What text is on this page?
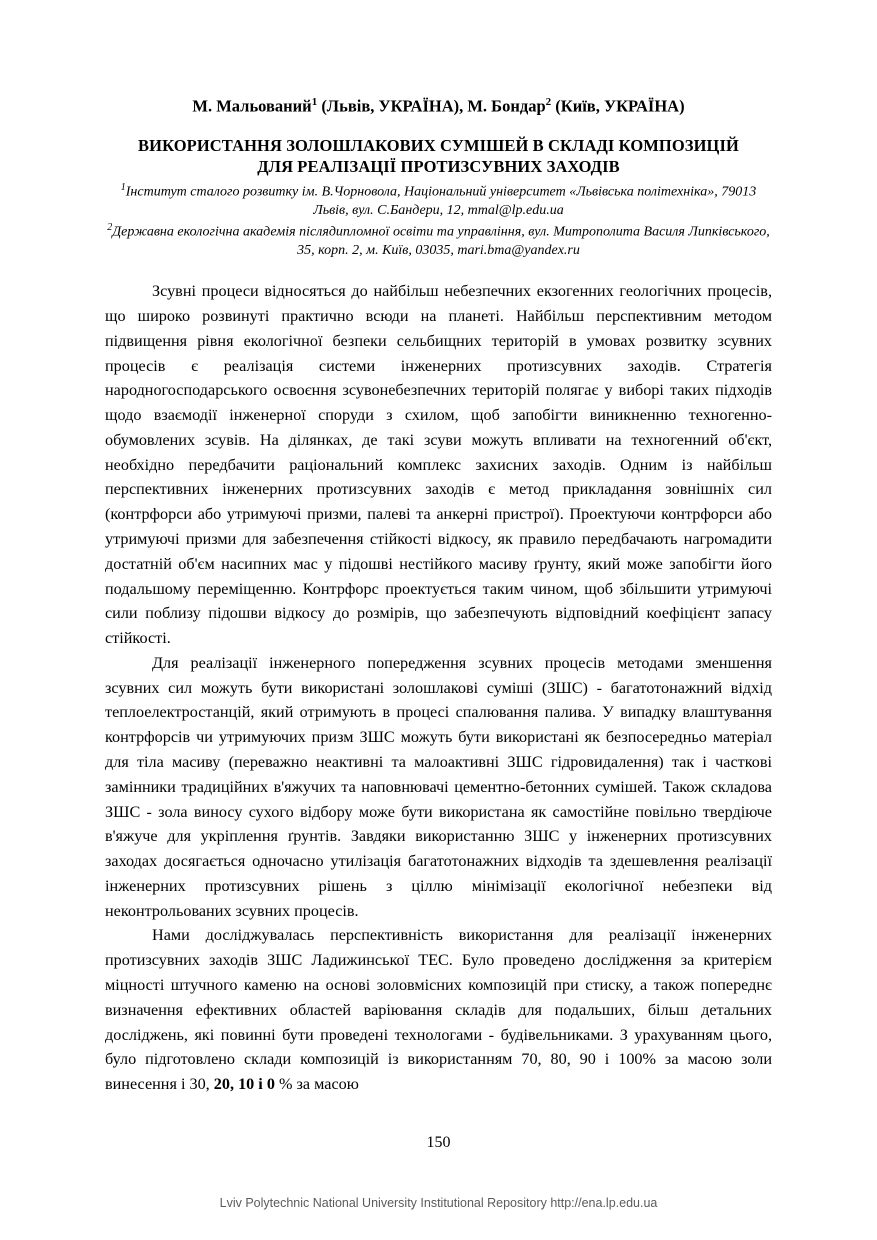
М. Мальований$^1$ (Львів, УКРАЇНА), М. Бондар$^2$ (Київ, УКРАЇНА)
ВИКОРИСТАННЯ ЗОЛОШЛАКОВИХ СУМІШЕЙ В СКЛАДІ КОМПОЗИЦІЙ
ДЛЯ РЕАЛІЗАЦІЇ ПРОТИЗСУВНИХ ЗАХОДІВ
$^1$Інститут сталого розвитку ім. В.Чорновола, Національний університет «Львівська політехніка», 79013 Львів, вул. С.Бандери, 12, mmal@lp.edu.ua
$^2$Державна екологічна академія післядипломної освіти та управління, вул. Митрополита Василя Липківського, 35, корп. 2, м. Київ, 03035, mari.bma@yandex.ru

Зсувні процеси відносяться до найбільш небезпечних екзогенних геологічних процесів, що широко розвинуті практично всюди на планеті. Найбільш перспективним методом підвищення рівня екологічної безпеки сельбищних територій в умовах розвитку зсувних процесів є реалізація системи інженерних протизсувних заходів. Стратегія народногосподарського освоєння зсувонебезпечних територій полягає у виборі таких підходів щодо взаємодії інженерної споруди з схилом, щоб запобігти виникненню техногенно-обумовлених зсувів. На ділянках, де такі зсуви можуть впливати на техногенний об'єкт, необхідно передбачити раціональний комплекс захисних заходів. Одним із найбільш перспективних інженерних протизсувних заходів є метод прикладання зовнішніх сил (контрфорси або утримуючі призми, палеві та анкерні пристрої). Проектуючи контрфорси або утримуючі призми для забезпечення стійкості відкосу, як правило передбачають нагромадити достатній об'єм насипних мас у підошві нестійкого масиву ґрунту, який може запобігти його подальшому переміщенню. Контрфорс проектується таким чином, щоб збільшити утримуючі сили поблизу підошви відкосу до розмірів, що забезпечують відповідний коефіцієнт запасу стійкості.

Для реалізації інженерного попередження зсувних процесів методами зменшення зсувних сил можуть бути використані золошлакові суміші (ЗШС) - багатотонажний відхід теплоелектростанцій, який отримують в процесі спалювання палива. У випадку влаштування контрфорсів чи утримуючих призм ЗШС можуть бути використані як безпосередньо матеріал для тіла масиву (переважно неактивні та малоактивні ЗШС гідровидалення) так і часткові замінники традиційних в'яжучих та наповнювачі цементно-бетонних сумішей. Також складова ЗШС - зола виносу сухого відбору може бути використана як самостійне повільно твердіюче в'яжуче для укріплення ґрунтів. Завдяки використанню ЗШС у інженерних протизсувних заходах досягається одночасно утилізація багатотонажних відходів та здешевлення реалізації інженерних протизсувних рішень з ціллю мінімізації екологічної небезпеки від неконтрольованих зсувних процесів.

Нами досліджувалась перспективність використання для реалізації інженерних протизсувних заходів ЗШС Ладижинської ТЕС. Було проведено дослідження за критерієм міцності штучного каменю на основі золовмісних композицій при стиску, а також попереднє визначення ефективних областей варіювання складів для подальших, більш детальних досліджень, які повинні бути проведені технологами - будівельниками. З урахуванням цього, було підготовлено склади композицій із використанням 70, 80, 90 і 100% за масою золи винесення і 30, 20, 10 і 0 % за масою

150
Lviv Polytechnic National University Institutional Repository http://ena.lp.edu.ua
